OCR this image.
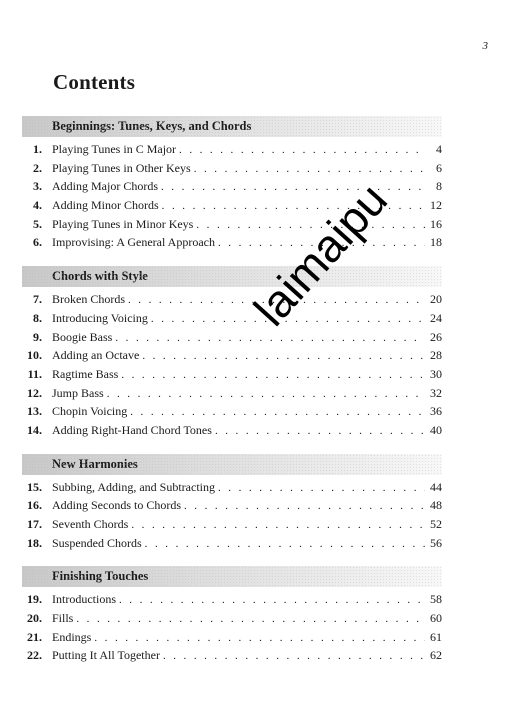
3
Contents
Beginnings: Tunes, Keys, and Chords
1. Playing Tunes in C Major . . .	4
2. Playing Tunes in Other Keys . . .	6
3. Adding Major Chords . . .	8
4. Adding Minor Chords . . .	12
5. Playing Tunes in Minor Keys . . .	16
6. Improvising: A General Approach . . .	18
Chords with Style
7. Broken Chords . . .	20
8. Introducing Voicing . . .	24
9. Boogie Bass . . .	26
10. Adding an Octave . . .	28
11. Ragtime Bass . . .	30
12. Jump Bass . . .	32
13. Chopin Voicing . . .	36
14. Adding Right-Hand Chord Tones . . .	40
New Harmonies
15. Subbing, Adding, and Subtracting . . .	44
16. Adding Seconds to Chords . . .	48
17. Seventh Chords . . .	52
18. Suspended Chords . . .	56
Finishing Touches
19. Introductions . . .	58
20. Fills . . .	60
21. Endings . . .	61
22. Putting It All Together . . .	62
laimaipu
